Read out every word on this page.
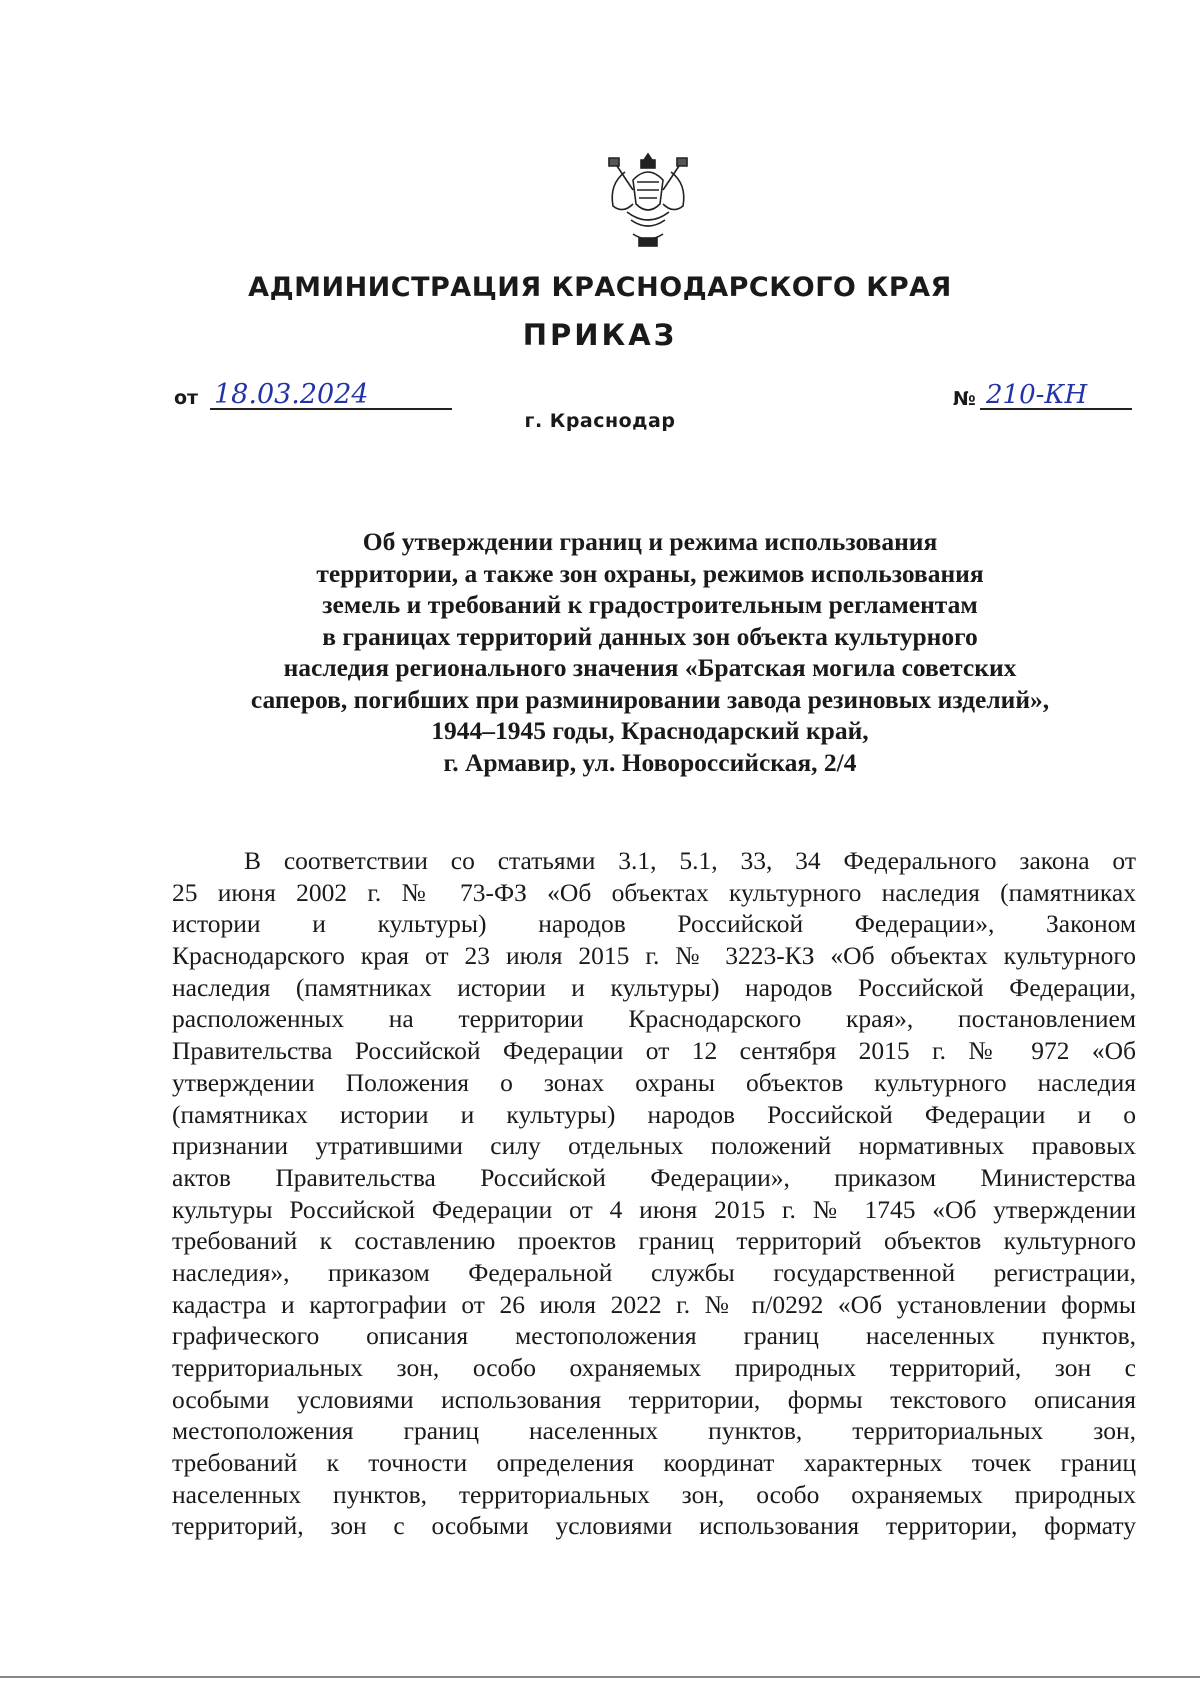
АДМИНИСТРАЦИЯ КРАСНОДАРСКОГО КРАЯ
ПРИКАЗ
от 18.03.2024
г. Краснодар
№ 210-КН
Об утверждении границ и режима использования
территории, а также зон охраны, режимов использования
земель и требований к градостроительным регламентам
в границах территорий данных зон объекта культурного
наследия регионального значения «Братская могила советских
саперов, погибших при разминировании завода резиновых изделий»,
1944–1945 годы, Краснодарский край,
г. Армавир, ул. Новороссийская, 2/4
В соответствии со статьями 3.1, 5.1, 33, 34 Федерального закона от
25 июня 2002 г. № 73-ФЗ «Об объектах культурного наследия (памятниках
истории и культуры) народов Российской Федерации», Законом
Краснодарского края от 23 июля 2015 г. № 3223-КЗ «Об объектах культурного
наследия (памятниках истории и культуры) народов Российской Федерации,
расположенных на территории Краснодарского края», постановлением
Правительства Российской Федерации от 12 сентября 2015 г. № 972 «Об
утверждении Положения о зонах охраны объектов культурного наследия
(памятниках истории и культуры) народов Российской Федерации и о
признании утратившими силу отдельных положений нормативных правовых
актов Правительства Российской Федерации», приказом Министерства
культуры Российской Федерации от 4 июня 2015 г. № 1745 «Об утверждении
требований к составлению проектов границ территорий объектов культурного
наследия», приказом Федеральной службы государственной регистрации,
кадастра и картографии от 26 июля 2022 г. № п/0292 «Об установлении формы
графического описания местоположения границ населенных пунктов,
территориальных зон, особо охраняемых природных территорий, зон с
особыми условиями использования территории, формы текстового описания
местоположения границ населенных пунктов, территориальных зон,
требований к точности определения координат характерных точек границ
населенных пунктов, территориальных зон, особо охраняемых природных
территорий, зон с особыми условиями использования территории, формату
